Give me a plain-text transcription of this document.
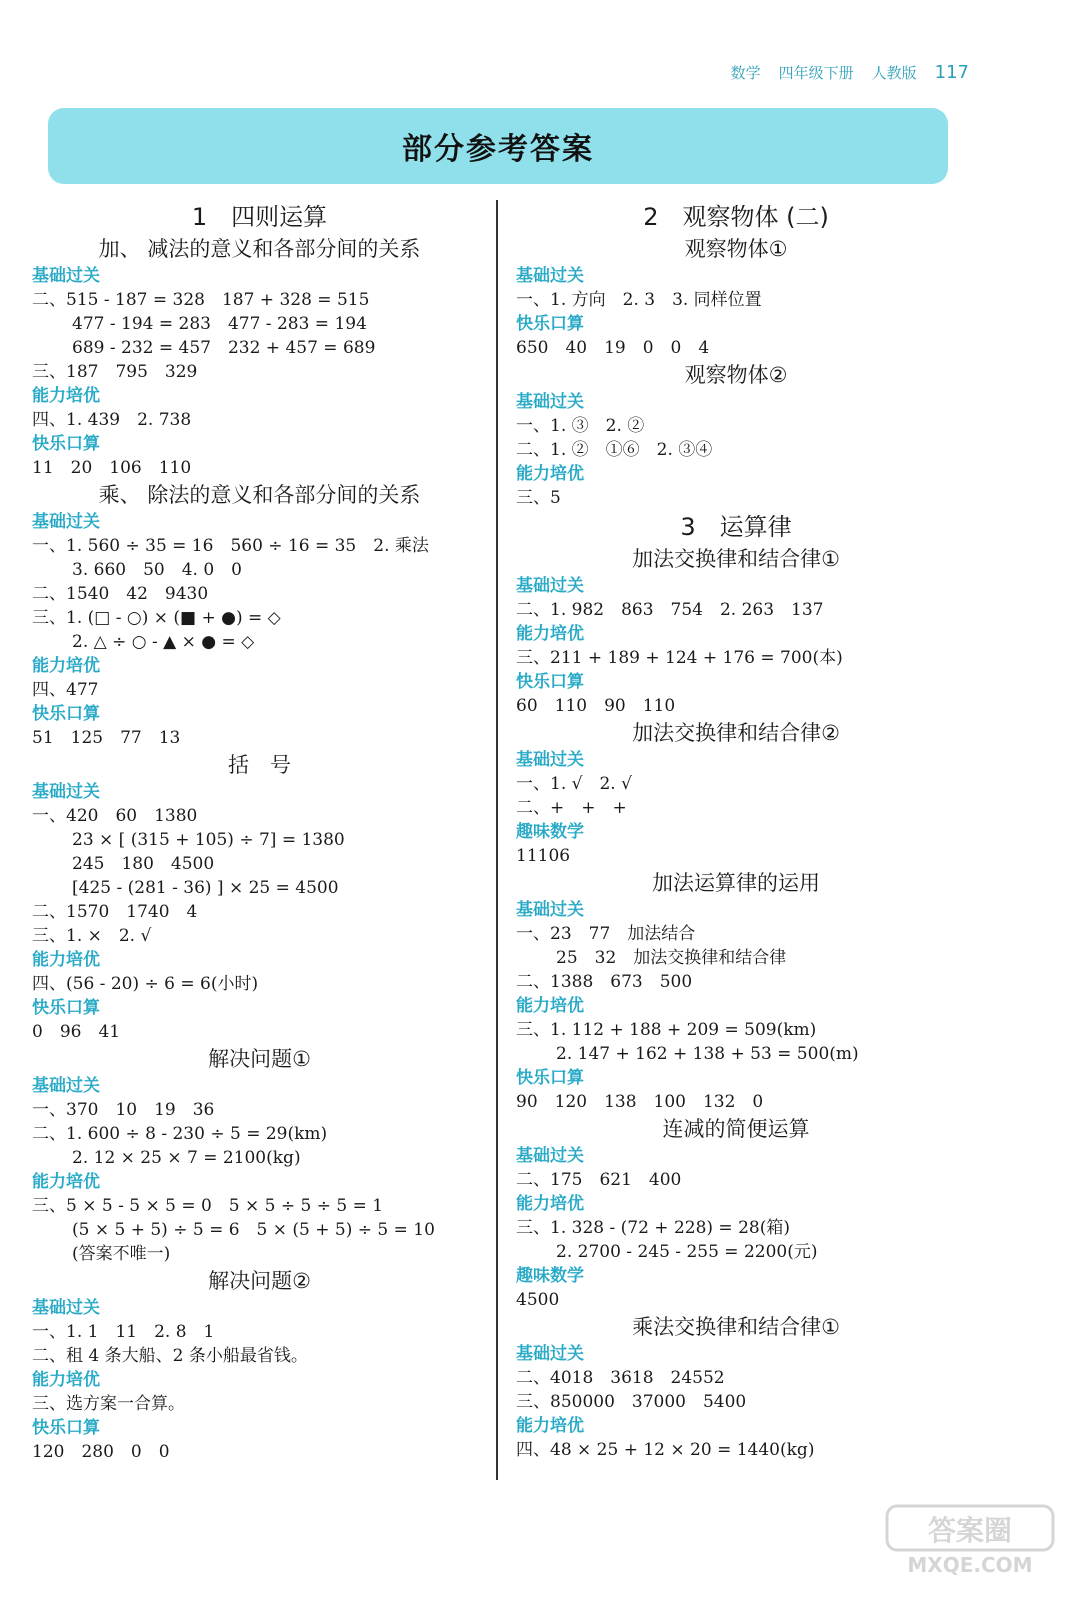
数学 四年级下册 人教版 117
部分参考答案
1　四则运算
加、 减法的意义和各部分间的关系
基础过关
二、515 - 187 = 328　187 + 328 = 515
477 - 194 = 283　477 - 283 = 194
689 - 232 = 457　232 + 457 = 689
三、187　795　329
能力培优
四、1. 439　2. 738
快乐口算
11　20　106　110
乘、 除法的意义和各部分间的关系
基础过关
一、1. 560 ÷ 35 = 16　560 ÷ 16 = 35　2. 乘法
3. 660　50　4. 0　0
二、1540　42　9430
三、1. (□ - ○) × (■ + ●) = ◇
2. △ ÷ ○ - ▲ × ● = ◇
能力培优
四、477
快乐口算
51　125　77　13
括　号
基础过关
一、420　60　1380
23 × [ (315 + 105) ÷ 7] = 1380
245　180　4500
[425 - (281 - 36) ] × 25 = 4500
二、1570　1740　4
三、1. ×　2. √
能力培优
四、(56 - 20) ÷ 6 = 6(小时)
快乐口算
0　96　41
解决问题①
基础过关
一、370　10　19　36
二、1. 600 ÷ 8 - 230 ÷ 5 = 29(km)
2. 12 × 25 × 7 = 2100(kg)
能力培优
三、5 × 5 - 5 × 5 = 0　5 × 5 ÷ 5 ÷ 5 = 1
(5 × 5 + 5) ÷ 5 = 6　5 × (5 + 5) ÷ 5 = 10
(答案不唯一)
解决问题②
基础过关
一、1. 1　11　2. 8　1
二、租 4 条大船、2 条小船最省钱。
能力培优
三、选方案一合算。
快乐口算
120　280　0　0
2　观察物体 (二)
观察物体①
基础过关
一、1. 方向　2. 3　3. 同样位置
快乐口算
650　40　19　0　0　4
观察物体②
基础过关
一、1. ③　2. ②
二、1. ②　①⑥　2. ③④
能力培优
三、5
3　运算律
加法交换律和结合律①
基础过关
二、1. 982　863　754　2. 263　137
能力培优
三、211 + 189 + 124 + 176 = 700(本)
快乐口算
60　110　90　110
加法交换律和结合律②
基础过关
一、1. √　2. √
二、+　+　+
趣味数学
11106
加法运算律的运用
基础过关
一、23　77　加法结合
25　32　加法交换律和结合律
二、1388　673　500
能力培优
三、1. 112 + 188 + 209 = 509(km)
2. 147 + 162 + 138 + 53 = 500(m)
快乐口算
90　120　138　100　132　0
连减的简便运算
基础过关
二、175　621　400
能力培优
三、1. 328 - (72 + 228) = 28(箱)
2. 2700 - 245 - 255 = 2200(元)
趣味数学
4500
乘法交换律和结合律①
基础过关
二、4018　3618　24552
三、850000　37000　5400
能力培优
四、48 × 25 + 12 × 20 = 1440(kg)
答案圈
MXQE.COM
